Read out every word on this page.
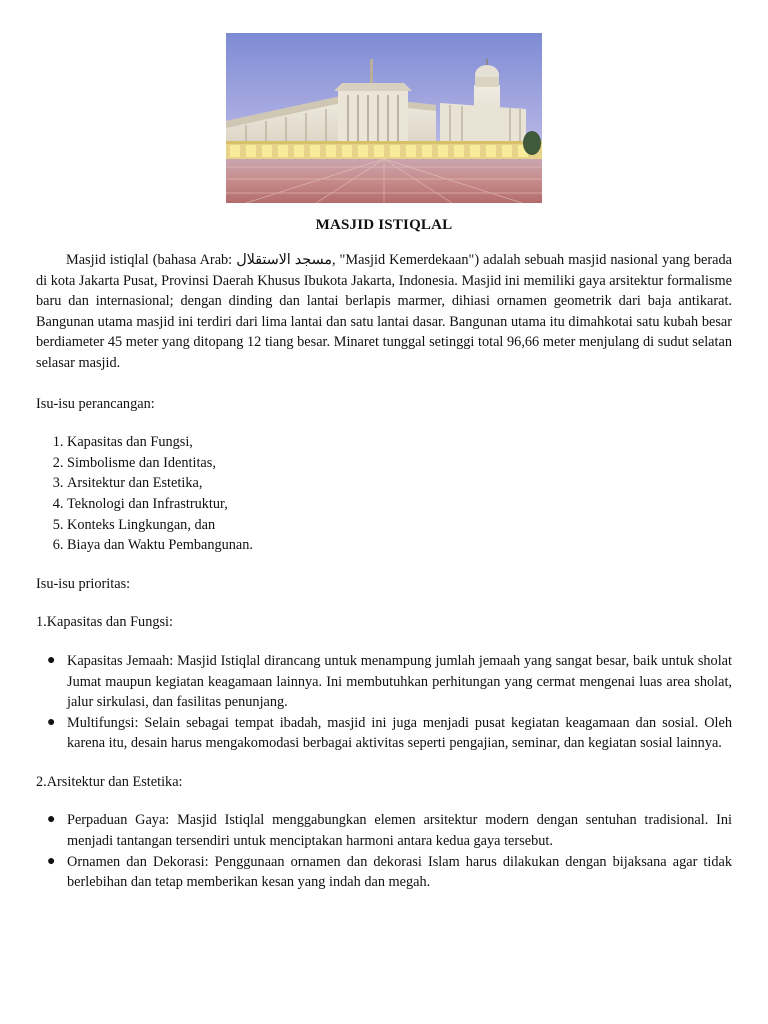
MASJID ISTIQLAL

Masjid istiqlal (bahasa Arab: مسجد الاستقلال, "Masjid Kemerdekaan") adalah sebuah masjid nasional yang berada di kota Jakarta Pusat, Provinsi Daerah Khusus Ibukota Jakarta, Indonesia. Masjid ini memiliki gaya arsitektur formalisme baru dan internasional; dengan dinding dan lantai berlapis marmer, dihiasi ornamen geometrik dari baja antikarat. Bangunan utama masjid ini terdiri dari lima lantai dan satu lantai dasar. Bangunan utama itu dimahkotai satu kubah besar berdiameter 45 meter yang ditopang 12 tiang besar. Minaret tunggal setinggi total 96,66 meter menjulang di sudut selatan selasar masjid.

Isu-isu perancangan:

1. Kapasitas dan Fungsi,
2. Simbolisme dan Identitas,
3. Arsitektur dan Estetika,
4. Teknologi dan Infrastruktur,
5. Konteks Lingkungan, dan
6. Biaya dan Waktu Pembangunan.

Isu-isu prioritas:

1.Kapasitas dan Fungsi:

● Kapasitas Jemaah: Masjid Istiqlal dirancang untuk menampung jumlah jemaah yang sangat besar, baik untuk sholat Jumat maupun kegiatan keagamaan lainnya. Ini membutuhkan perhitungan yang cermat mengenai luas area sholat, jalur sirkulasi, dan fasilitas penunjang.
● Multifungsi: Selain sebagai tempat ibadah, masjid ini juga menjadi pusat kegiatan keagamaan dan sosial. Oleh karena itu, desain harus mengakomodasi berbagai aktivitas seperti pengajian, seminar, dan kegiatan sosial lainnya.

2.Arsitektur dan Estetika:

● Perpaduan Gaya: Masjid Istiqlal menggabungkan elemen arsitektur modern dengan sentuhan tradisional. Ini menjadi tantangan tersendiri untuk menciptakan harmoni antara kedua gaya tersebut.
● Ornamen dan Dekorasi: Penggunaan ornamen dan dekorasi Islam harus dilakukan dengan bijaksana agar tidak berlebihan dan tetap memberikan kesan yang indah dan megah.
